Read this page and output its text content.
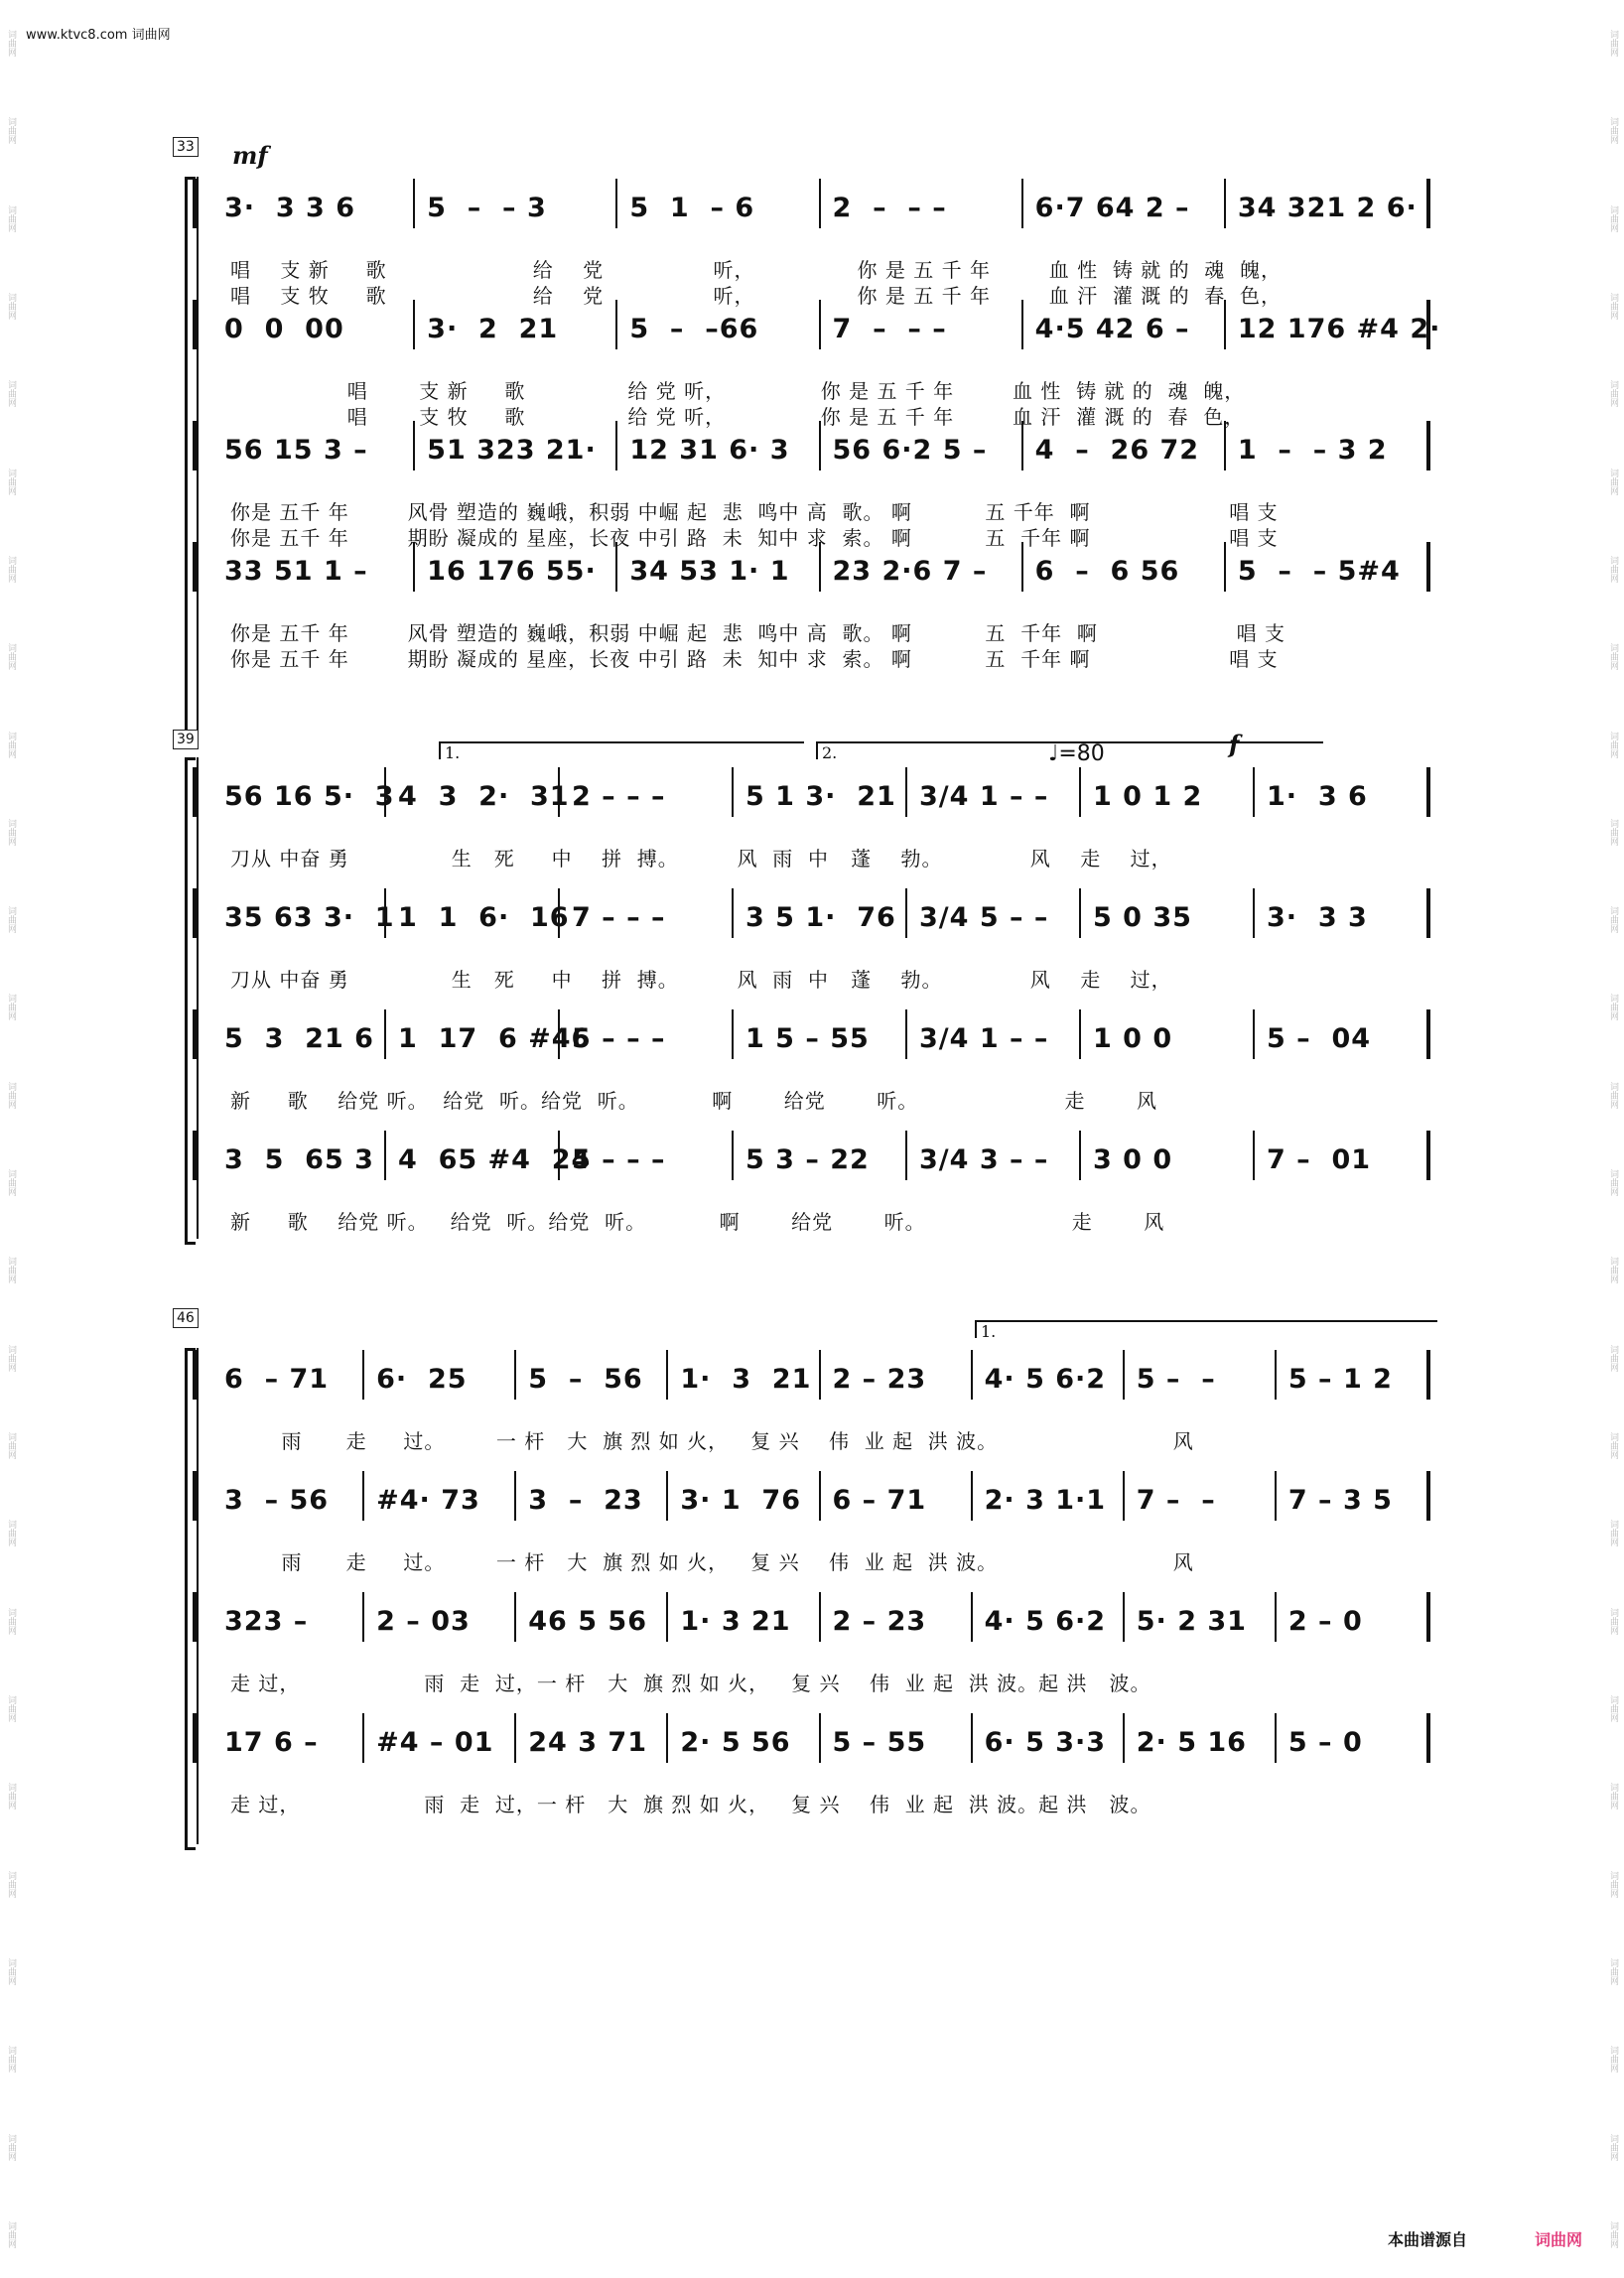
www.ktvc8.com 词曲网
词曲网
词曲网
词曲网
词曲网
词曲网
词曲网
词曲网
词曲网
词曲网
词曲网
词曲网
词曲网
词曲网
词曲网
词曲网
词曲网
词曲网
词曲网
词曲网
词曲网
词曲网
词曲网
词曲网
词曲网
词曲网
词曲网
词曲网
词曲网
词曲网
词曲网
词曲网
词曲网
词曲网
词曲网
词曲网
词曲网
词曲网
词曲网
词曲网
词曲网
词曲网
词曲网
词曲网
词曲网
词曲网
词曲网
词曲网
词曲网
词曲网
词曲网
词曲网
词曲网
33 mf
3·  3 3 6	5  –  – 3	5  1  – 6	2  –  – –	6·7 64 2 – 34 321 2 6·
唱    支 新     歌                    给    党               听，              你 是 五 千 年        血 性  铸 就 的  魂  魄，
唱    支 牧     歌                    给    党               听，              你 是 五 千 年        血 汗  灌 溉 的  春  色，
0  0  00	3·  2  21	5  –  –66	7  –  – –	4·5 42 6 – 12 176 #4 2·
唱       支 新     歌              给 党 听，             你 是 五 千 年        血 性  铸 就 的  魂  魄，
唱       支 牧     歌              给 党 听，             你 是 五 千 年        血 汗  灌 溉 的  春  色，
56 15 3 – 51 323 21· 12 31 6· 3 56 6·2 5 – 4  –  26 72 1  –  – 3 2
你是 五千 年        风骨 塑造的 巍峨，积弱 中崛 起  悲  鸣中 高  歌。 啊          五 千年  啊                   唱 支
你是 五千 年        期盼 凝成的 星座，长夜 中引 路  未  知中 求  索。 啊          五  千年 啊                   唱 支
33 51 1 – 16 176 55· 34 53 1· 1 23 2·6 7 – 6  –  6 56 5  –  – 5#4
你是 五千 年        风骨 塑造的 巍峨，积弱 中崛 起  悲  鸣中 高  歌。 啊          五  千年  啊                   唱 支
你是 五千 年        期盼 凝成的 星座，长夜 中引 路  未  知中 求  索。 啊          五  千年 啊                   唱 支
39
1.	2.	♩=80	f
56 16 5·  3 4  3  2·  31 2 – – –	5 1 3·  21 3/4 1 – – 1 0 1 2 1·  3 6
刀从 中奋 勇              生   死     中    拼  搏。        风  雨  中   蓬    勃。            风    走    过，
35 63 3·  1 1  1  6·  16 7 – – –	3 5 1·  76 3/4 5 – – 5 0 35	3·  3 3
刀从 中奋 勇              生   死     中    拼  搏。        风  雨  中   蓬    勃。            风    走    过，
5  3  21 6 1  17  6 #46
5 – – –	1 5 – 55 3/4 1 – – 1 0 0	5 –  04
新     歌    给党 听。  给党  听。给党  听。          啊       给党       听。                    走       风
3  5  65 3 4  65 #4  24
5 – – –	5 3 – 22 3/4 3 – – 3 0 0	7 –  01
新     歌    给党 听。   给党  听。给党  听。          啊       给党       听。                    走       风
46
1.
6  – 71 6·  25 5  –  56 1·  3  21 2 – 23 4· 5 6·2 5 –  –	5 – 1 2
雨      走     过。       一 杆   大  旗 烈 如 火，   复 兴    伟  业 起  洪 波。                        风
3  – 56 #4· 73 3  –  23 3· 1  76 6 – 71 2· 3 1·1 7 –  –	7 – 3 5
雨      走     过。       一 杆   大  旗 烈 如 火，   复 兴    伟  业 起  洪 波。                        风
323 –	2 – 03 46 5 56 1· 3 21 2 – 23 4· 5 6·2 5· 2 31 2 – 0
走 过，                 雨  走  过，一 杆   大  旗 烈 如 火，   复 兴    伟  业 起  洪 波。起 洪   波。
17 6 – #4 – 01 24 3 71 2· 5 56 5 – 55 6· 5 3·3 2· 5 16 5 – 0
走 过，                 雨  走  过，一 杆   大  旗 烈 如 火，   复 兴    伟  业 起  洪 波。起 洪   波。
本曲谱源自	词曲网
